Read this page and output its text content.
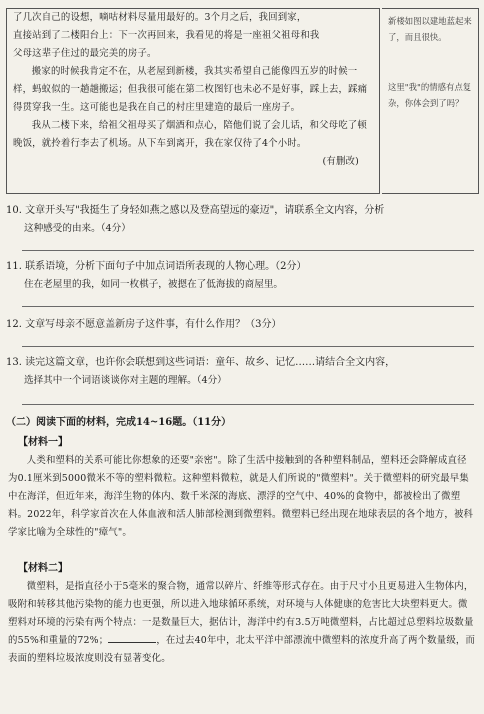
了几次自己的设想，嘀咕材料尽量用最好的。3个月之后，我回到家，

直接站到了二楼阳台上：下一次再回来，我看见的将是一座祖父祖母和我

父母这辈子住过的最完美的房子。

搬家的时候我肯定不在，从老屋到新楼，我其实希望自己能像四五岁的时候一样，蚂蚁似的一趟趟搬运；但我很可能在第二枚图钉也未必不是好事，踩上去，踩痛得贯穿我一生。这可能也是我在自己的村庄里建造的最后一座房子。

我从二楼下来，给祖父祖母买了烟酒和点心，陪他们说了会儿话，和父母吃了顿晚饭，就拎着行李去了机场。从下车到离开，我在家仅待了4个小时。

(有删改)

新楼如图以建地蓝起来了，而且很快。
这里"我"的情感有点复杂，你体会到了吗？

10. 文章开头写"我挺生了身轻如燕之感以及登高望远的豪迈"，请联系全文内容，分析

这种感受的由来。（4分）

11. 联系语境，分析下面句子中加点词语所表现的人物心理。（2分）

住在老屋里的我，如同一枚棋子，被摁在了低海拔的商屋里。

12. 文章写母亲不愿意盖新房子这件事，有什么作用？（3分）

13. 读完这篇文章，也许你会联想到这些词语：童年、故乡、记忆……请结合全文内容，

选择其中一个词语谈谈你对主题的理解。（4分）

（二）阅读下面的材料，完成14~16题。（11分）
【材料一】

人类和塑料的关系可能比你想象的还要"亲密"。除了生活中接触到的各种塑料制品，塑料还会降解成直径为0.1厘米到5000微米不等的塑料微粒。这种塑料微粒，就是人们所说的"微塑料"。关于微塑料的研究最早集中在海洋，但近年来，海洋生物的体内、数千米深的海底、漂浮的空气中、40%的食物中，都被检出了微塑料。2022年，科学家首次在人体血液和活人肺部检测到微塑料。微塑料已经出现在地球表层的各个地方，被科学家比喻为全球性的"瘴气"。

【材料二】

微塑料，是指直径小于5毫米的聚合物，通常以碎片、纤维等形式存在。由于尺寸小且更易进入生物体内，吸附和转移其他污染物的能力也更强，所以进入地球循环系统，对环境与人体健康的危害比大块塑料更大。微塑料对环境的污染有两个特点：一是数量巨大，据估计，海洋中约有3.5万吨微塑料，占比超过总塑料垃圾数量的55%和重量的72%；	，在过去40年中，北太平洋中部漂流中微塑料的浓度升高了两个数量级，而表面的塑料垃圾浓度则没有显著变化。
